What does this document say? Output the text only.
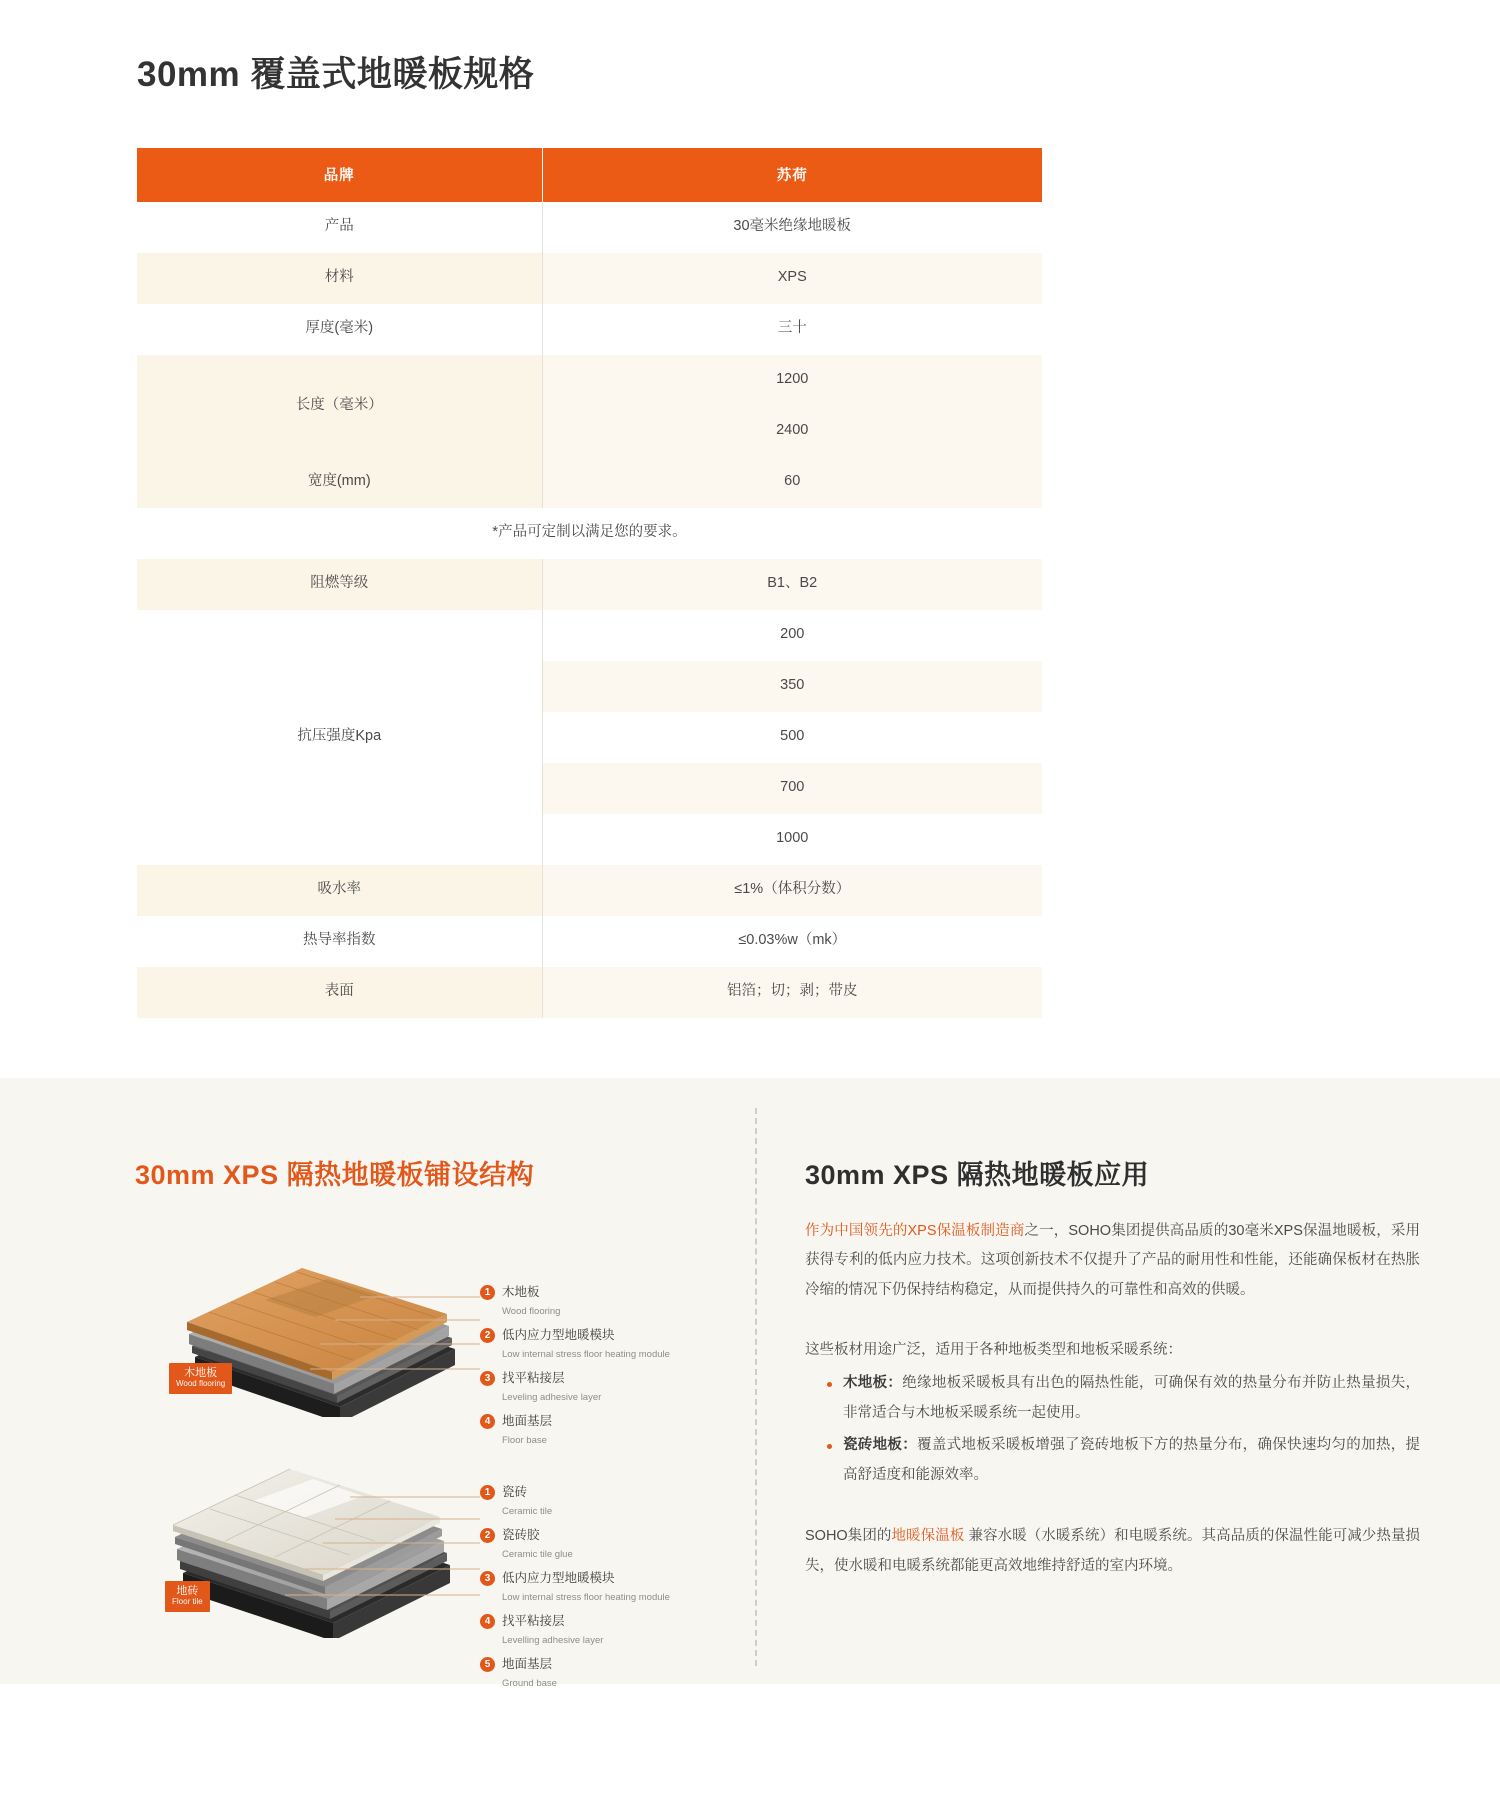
30mm 覆盖式地暖板规格
品牌	苏荷
产品	30毫米绝缘地暖板
材料	XPS
厚度(毫米)	三十
长度（毫米）	1200
	2400
宽度(mm)	60
*产品可定制以满足您的要求。	
阻燃等级	B1、B2
抗压强度Kpa	200
	350
	500
	700
	1000
吸水率	≤1%（体积分数）
热导率指数	≤0.03%w（mk）
表面	铝箔；切；剥；带皮
30mm XPS 隔热地暖板铺设结构
木地板
Wood flooring
1 木地板
Wood flooring
2 低内应力型地暖模块
Low internal stress floor heating module
3 找平粘接层
Leveling adhesive layer
4 地面基层
Floor base
地砖
Floor tile
1 瓷砖
Ceramic tile
2 瓷砖胶
Ceramic tile glue
3 低内应力型地暖模块
Low internal stress floor heating module
4 找平粘接层
Levelling adhesive layer
5 地面基层
Ground base
30mm XPS 隔热地暖板应用

作为中国领先的XPS保温板制造商之一，SOHO集团提供高品质的30毫米XPS保温地暖板，采用获得专利的低内应力技术。这项创新技术不仅提升了产品的耐用性和性能，还能确保板材在热胀冷缩的情况下仍保持结构稳定，从而提供持久的可靠性和高效的供暖。

这些板材用途广泛，适用于各种地板类型和地板采暖系统：

木地板：绝缘地板采暖板具有出色的隔热性能，可确保有效的热量分布并防止热量损失，非常适合与木地板采暖系统一起使用。
瓷砖地板：覆盖式地板采暖板增强了瓷砖地板下方的热量分布，确保快速均匀的加热，提高舒适度和能源效率。

SOHO集团的地暖保温板 兼容水暖（水暖系统）和电暖系统。其高品质的保温性能可减少热量损失，使水暖和电暖系统都能更高效地维持舒适的室内环境。
